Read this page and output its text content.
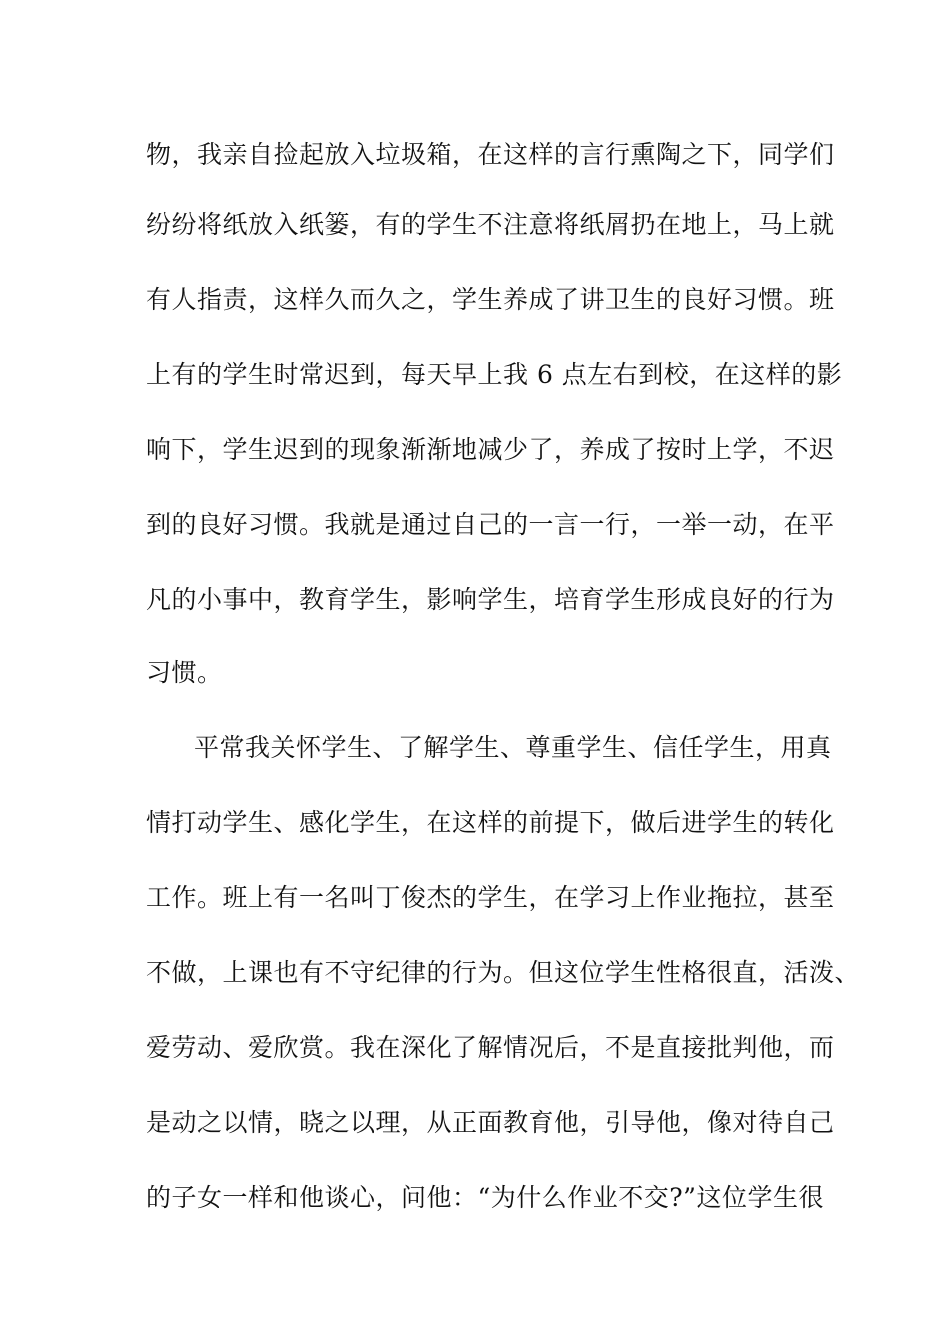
物，我亲自捡起放入垃圾箱，在这样的言行熏陶之下，同学们
纷纷将纸放入纸篓，有的学生不注意将纸屑扔在地上，马上就
有人指责，这样久而久之，学生养成了讲卫生的良好习惯。班
上有的学生时常迟到，每天早上我 6 点左右到校，在这样的影
响下，学生迟到的现象渐渐地减少了，养成了按时上学，不迟
到的良好习惯。我就是通过自己的一言一行，一举一动，在平
凡的小事中，教育学生，影响学生，培育学生形成良好的行为
习惯。
平常我关怀学生、了解学生、尊重学生、信任学生，用真
情打动学生、感化学生，在这样的前提下，做后进学生的转化
工作。班上有一名叫丁俊杰的学生，在学习上作业拖拉，甚至
不做，上课也有不守纪律的行为。但这位学生性格很直，活泼、
爱劳动、爱欣赏。我在深化了解情况后，不是直接批判他，而
是动之以情，晓之以理，从正面教育他，引导他，像对待自己
的子女一样和他谈心，问他：“为什么作业不交?”这位学生很
